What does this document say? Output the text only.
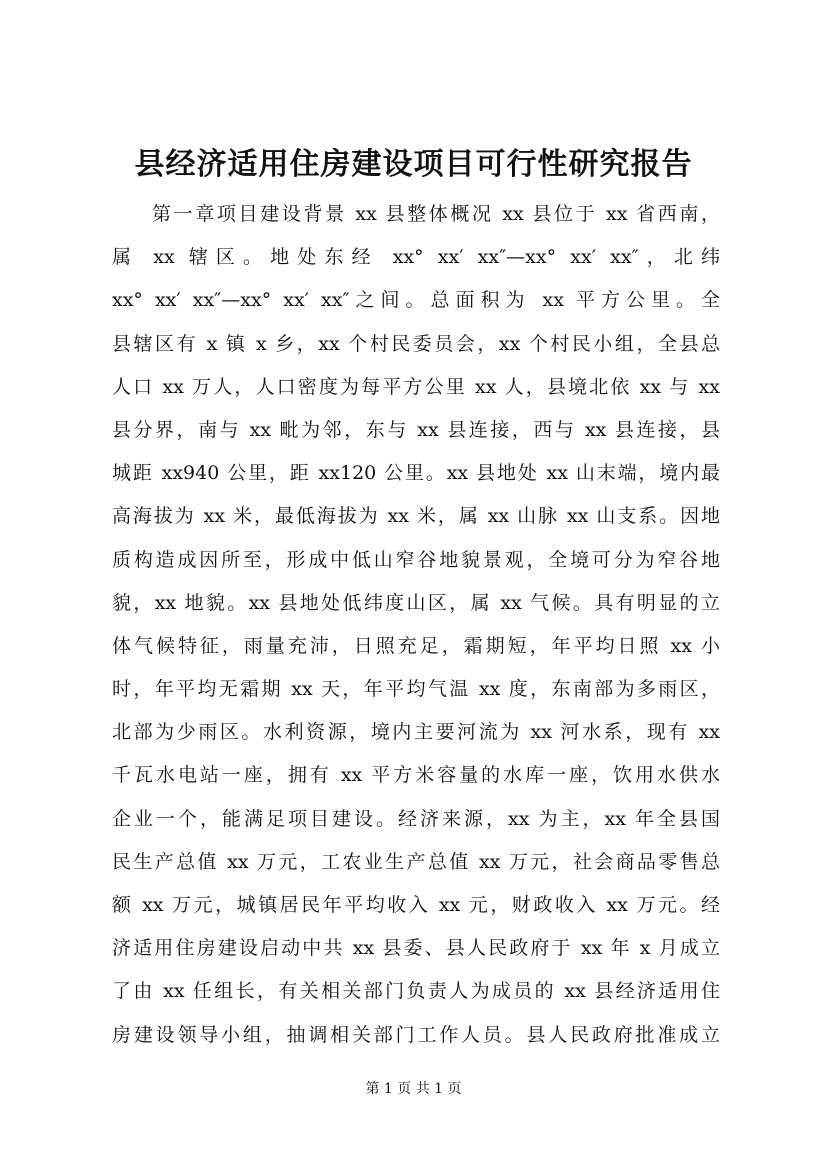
县经济适用住房建设项目可行性研究报告
第一章项目建设背景 xx 县整体概况 xx 县位于 xx 省西南，
属 xx 辖区。地处东经 xx° xx′ xx″—xx° xx′ xx″，北纬
xx° xx′ xx″—xx° xx′ xx″之间。总面积为 xx 平方公里。全
县辖区有 x 镇 x 乡，xx 个村民委员会，xx 个村民小组，全县总
人口 xx 万人，人口密度为每平方公里 xx 人，县境北依 xx 与 xx
县分界，南与 xx 毗为邻，东与 xx 县连接，西与 xx 县连接，县
城距 xx940 公里，距 xx120 公里。xx 县地处 xx 山末端，境内最
高海拔为 xx 米，最低海拔为 xx 米，属 xx 山脉 xx 山支系。因地
质构造成因所至，形成中低山窄谷地貌景观，全境可分为窄谷地
貌，xx 地貌。xx 县地处低纬度山区，属 xx 气候。具有明显的立
体气候特征，雨量充沛，日照充足，霜期短，年平均日照 xx 小
时，年平均无霜期 xx 天，年平均气温 xx 度，东南部为多雨区，
北部为少雨区。水利资源，境内主要河流为 xx 河水系，现有 xx
千瓦水电站一座，拥有 xx 平方米容量的水库一座，饮用水供水
企业一个，能满足项目建设。经济来源，xx 为主，xx 年全县国
民生产总值 xx 万元，工农业生产总值 xx 万元，社会商品零售总
额 xx 万元，城镇居民年平均收入 xx 元，财政收入 xx 万元。经
济适用住房建设启动中共 xx 县委、县人民政府于 xx 年 x 月成立
了由 xx 任组长，有关相关部门负责人为成员的 xx 县经济适用住
房建设领导小组，抽调相关部门工作人员。县人民政府批准成立

第 1 页 共 1 页
